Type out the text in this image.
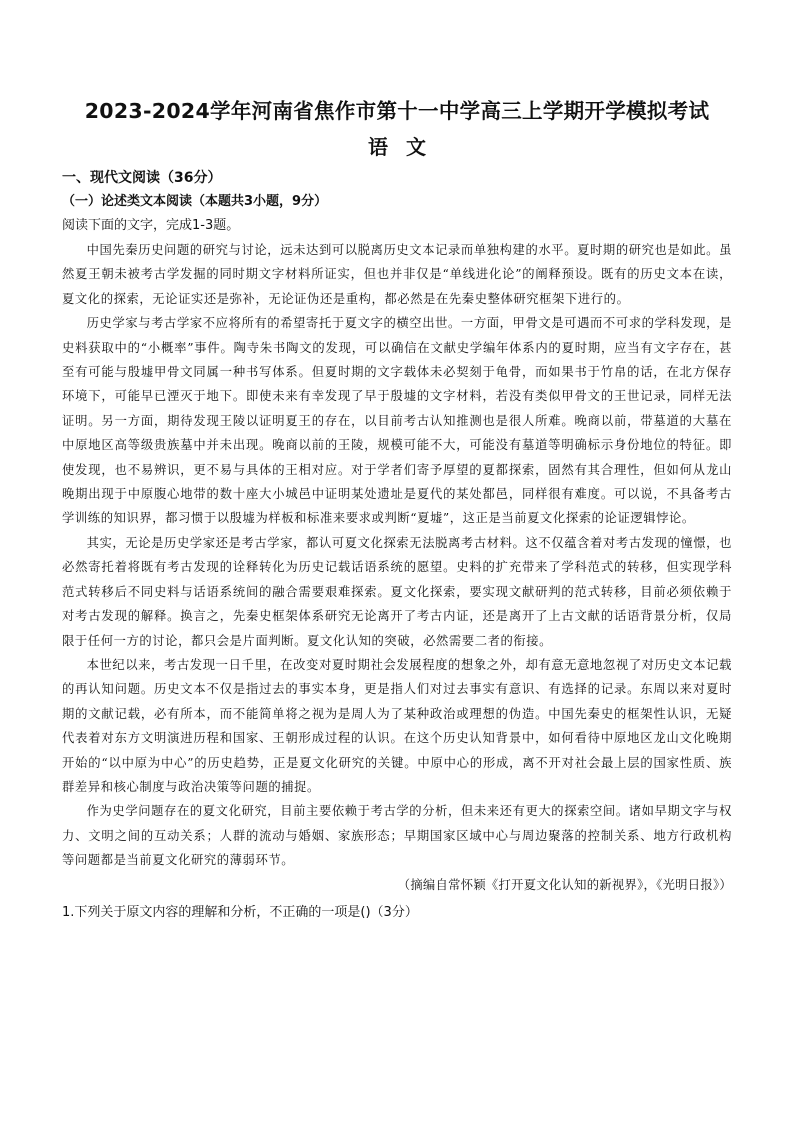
2023-2024学年河南省焦作市第十一中学高三上学期开学模拟考试
语文

一、现代文阅读（36分）

（一）论述类文本阅读（本题共3小题，9分）

阅读下面的文字，完成1-3题。

中国先秦历史问题的研究与讨论，远未达到可以脱离历史文本记录而单独构建的水平。夏时期的研究也是如此。虽然夏王朝未被考古学发掘的同时期文字材料所证实，但也并非仅是“单线进化论”的阐释预设。既有的历史文本在读，夏文化的探索，无论证实还是弥补，无论证伪还是重构，都必然是在先秦史整体研究框架下进行的。

历史学家与考古学家不应将所有的希望寄托于夏文字的横空出世。一方面，甲骨文是可遇而不可求的学科发现，是史料获取中的“小概率”事件。陶寺朱书陶文的发现，可以确信在文献史学编年体系内的夏时期，应当有文字存在，甚至有可能与殷墟甲骨文同属一种书写体系。但夏时期的文字载体未必契刻于龟骨，而如果书于竹帛的话，在北方保存环境下，可能早已湮灭于地下。即使未来有幸发现了早于殷墟的文字材料，若没有类似甲骨文的王世记录，同样无法证明。另一方面，期待发现王陵以证明夏王的存在，以目前考古认知推测也是很人所难。晚商以前，带墓道的大墓在中原地区高等级贵族墓中并未出现。晚商以前的王陵，规模可能不大，可能没有墓道等明确标示身份地位的特征。即使发现，也不易辨识，更不易与具体的王相对应。对于学者们寄予厚望的夏都探索，固然有其合理性，但如何从龙山晚期出现于中原腹心地带的数十座大小城邑中证明某处遗址是夏代的某处都邑，同样很有难度。可以说，不具备考古学训练的知识界，都习惯于以殷墟为样板和标准来要求或判断“夏墟”，这正是当前夏文化探索的论证逻辑悖论。

其实，无论是历史学家还是考古学家，都认可夏文化探索无法脱离考古材料。这不仅蕴含着对考古发现的憧憬，也必然寄托着将既有考古发现的诠释转化为历史记载话语系统的愿望。史料的扩充带来了学科范式的转移，但实现学科范式转移后不同史料与话语系统间的融合需要艰难探索。夏文化探索，要实现文献研判的范式转移，目前必须依赖于对考古发现的解释。换言之，先秦史框架体系研究无论离开了考古内证，还是离开了上古文献的话语背景分析，仅局限于任何一方的讨论，都只会是片面判断。夏文化认知的突破，必然需要二者的衔接。

本世纪以来，考古发现一日千里，在改变对夏时期社会发展程度的想象之外，却有意无意地忽视了对历史文本记载的再认知问题。历史文本不仅是指过去的事实本身，更是指人们对过去事实有意识、有选择的记录。东周以来对夏时期的文献记载，必有所本，而不能简单将之视为是周人为了某种政治或理想的伪造。中国先秦史的框架性认识，无疑代表着对东方文明演进历程和国家、王朝形成过程的认识。在这个历史认知背景中，如何看待中原地区龙山文化晚期开始的“以中原为中心”的历史趋势，正是夏文化研究的关键。中原中心的形成，离不开对社会最上层的国家性质、族群差异和核心制度与政治决策等问题的捕捉。

作为史学问题存在的夏文化研究，目前主要依赖于考古学的分析，但未来还有更大的探索空间。诸如早期文字与权力、文明之间的互动关系；人群的流动与婚姻、家族形态；早期国家区域中心与周边聚落的控制关系、地方行政机构等问题都是当前夏文化研究的薄弱环节。

（摘编自常怀颖《打开夏文化认知的新视界》，《光明日报》）

1.下列关于原文内容的理解和分析，不正确的一项是()（3分）
